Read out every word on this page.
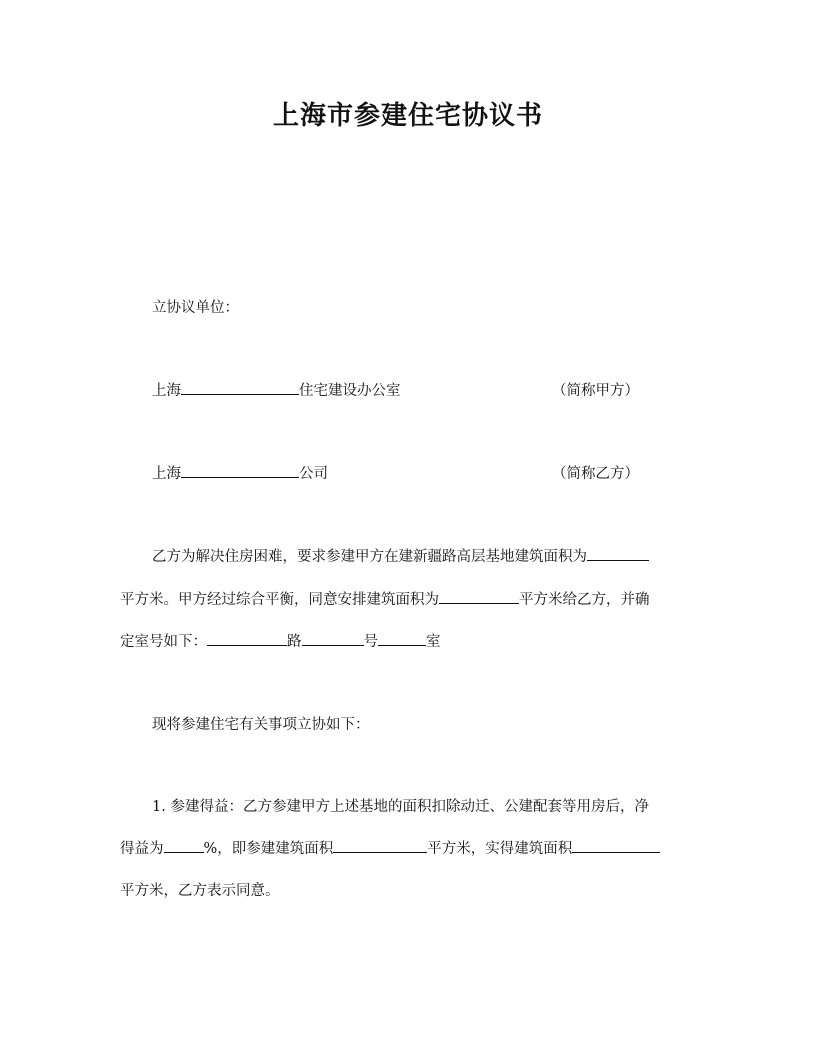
上海市参建住宅协议书
立协议单位：
上海	住宅建设办公室	（简称甲方）
上海	公司	（简称乙方）
乙方为解决住房困难，要求参建甲方在建新疆路高层基地建筑面积为
平方米。甲方经过综合平衡，同意安排建筑面积为	平方米给乙方，并确
定室号如下：	路	号	室
现将参建住宅有关事项立协如下：
1. 参建得益：乙方参建甲方上述基地的面积扣除动迁、公建配套等用房后，净
得益为	%，即参建建筑面积	平方米，实得建筑面积
平方米，乙方表示同意。
